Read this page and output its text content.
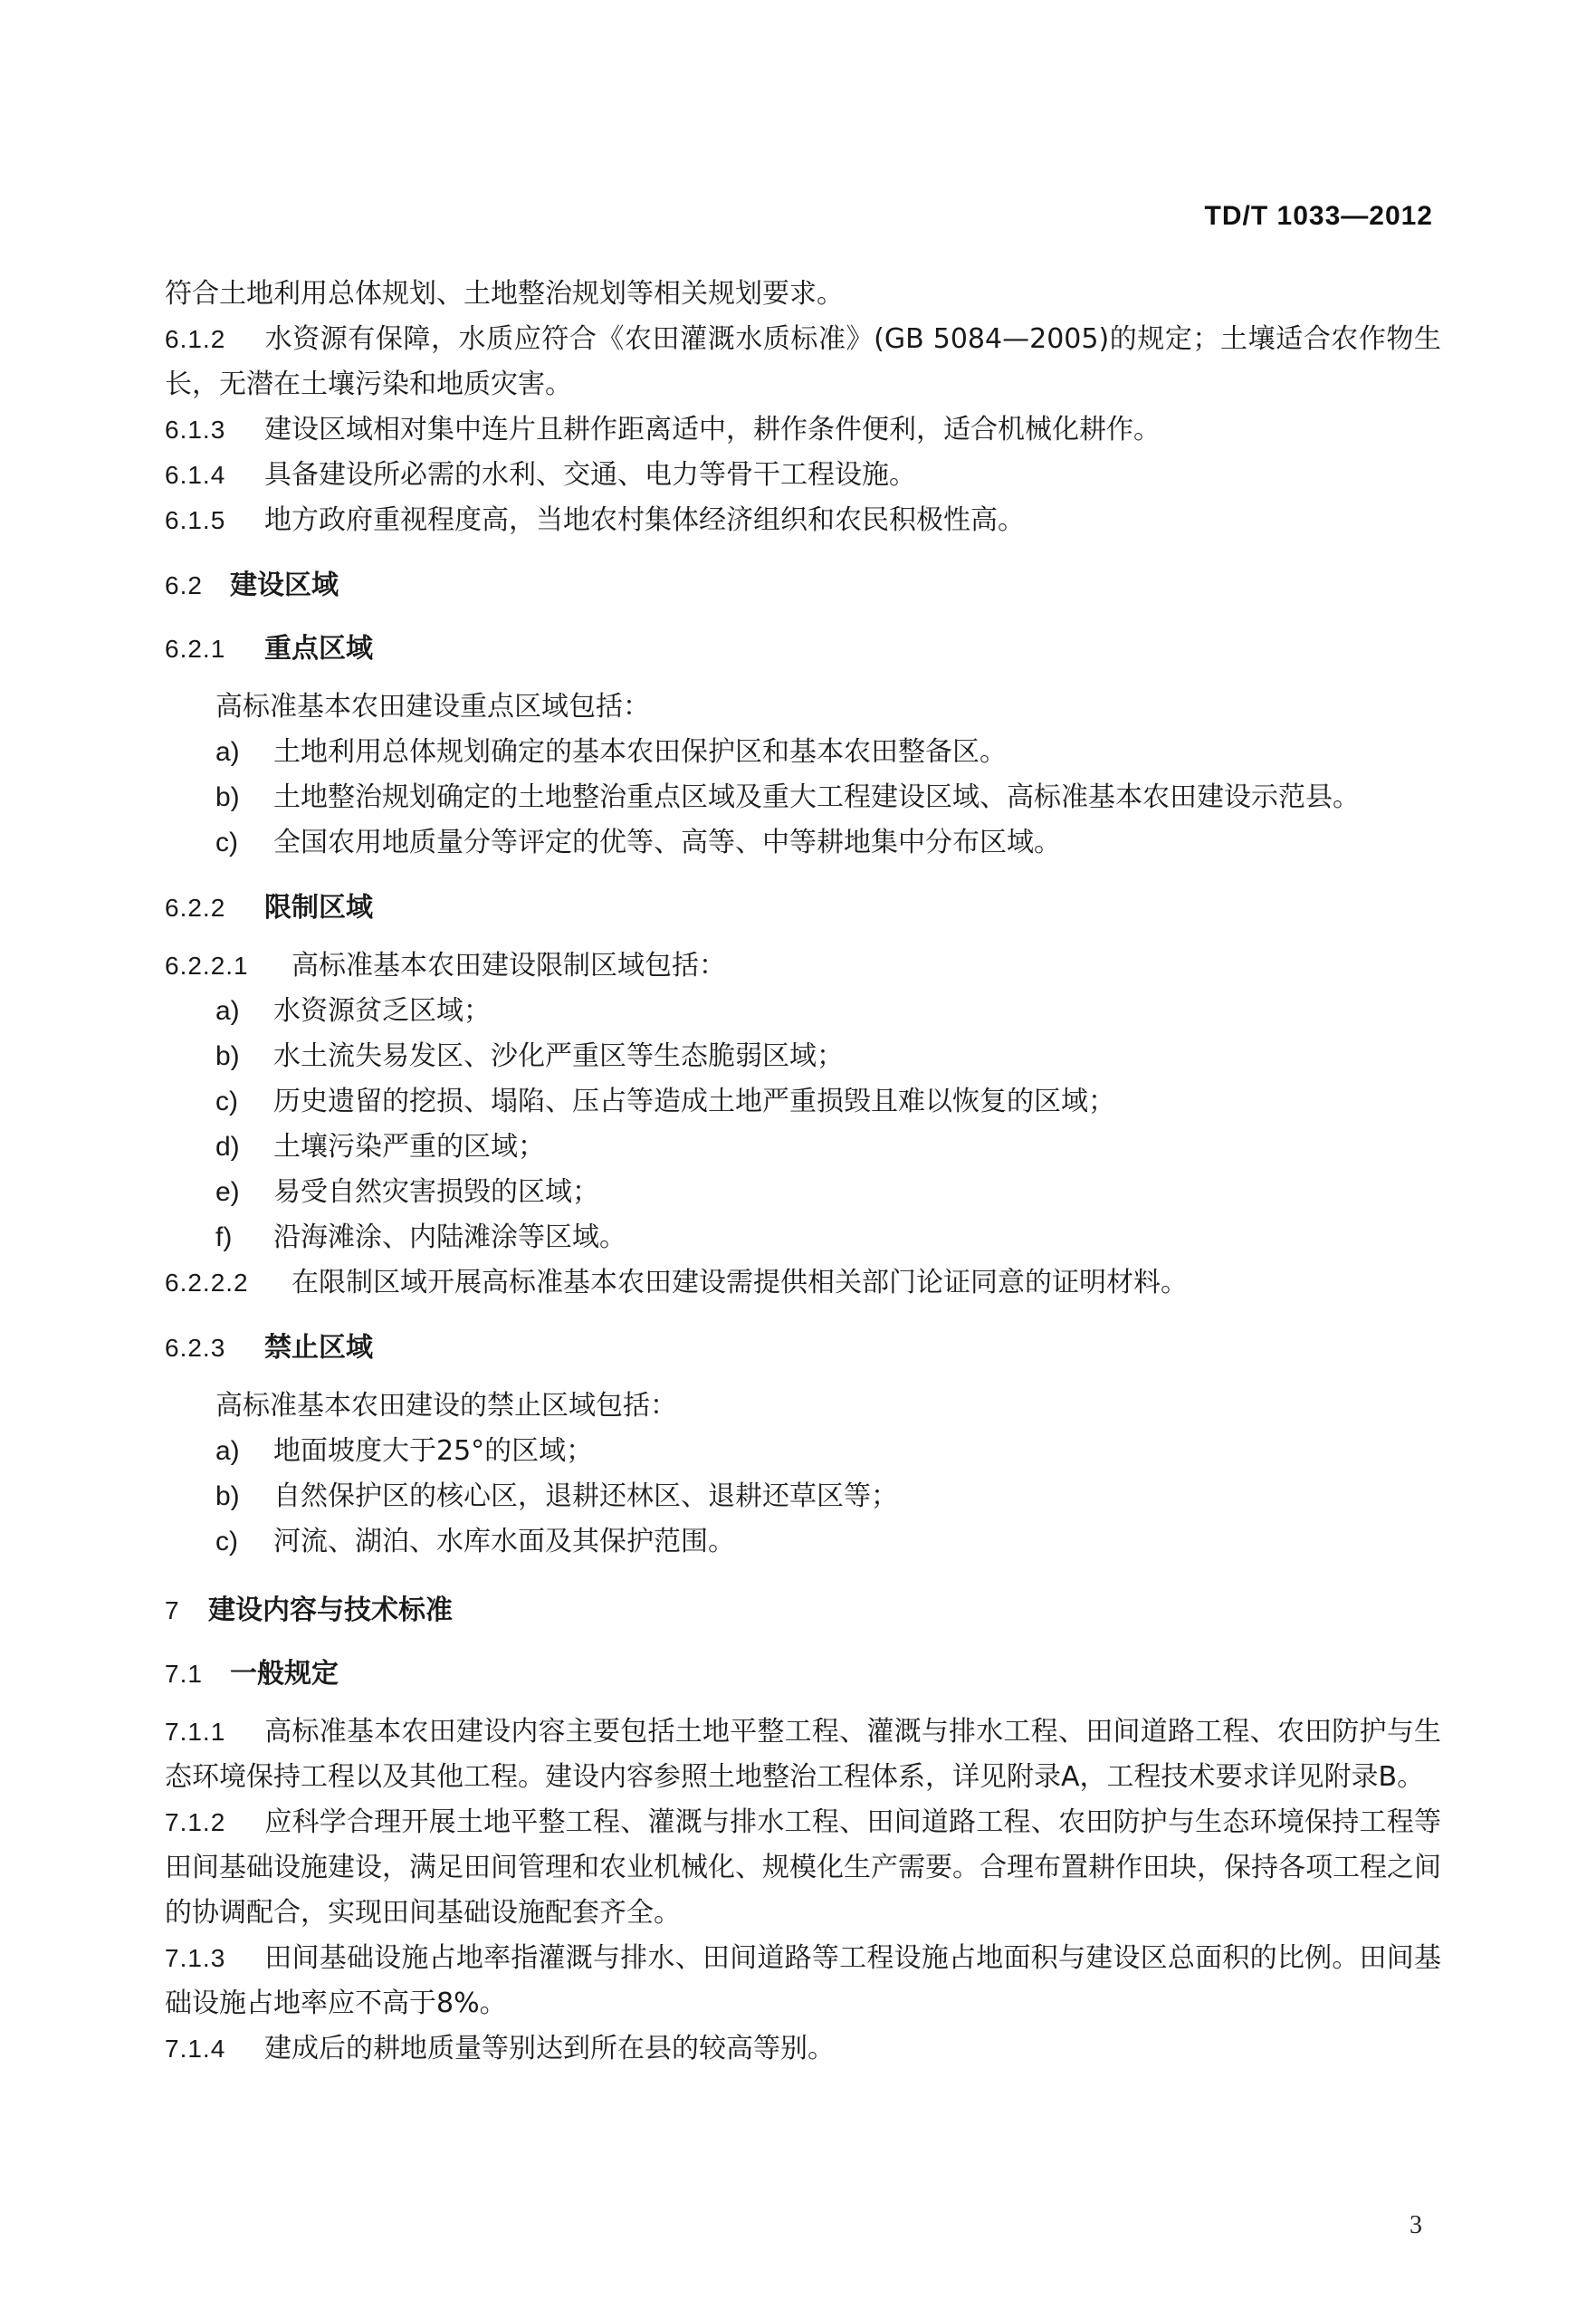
TD/T 1033—2012
符合土地利用总体规划、土地整治规划等相关规划要求。
6.1.2 水资源有保障，水质应符合《农田灌溉水质标准》(GB 5084—2005)的规定；土壤适合农作物生长，无潜在土壤污染和地质灾害。
6.1.3 建设区域相对集中连片且耕作距离适中，耕作条件便利，适合机械化耕作。
6.1.4 具备建设所必需的水利、交通、电力等骨干工程设施。
6.1.5 地方政府重视程度高，当地农村集体经济组织和农民积极性高。
6.2 建设区域
6.2.1 重点区域
高标准基本农田建设重点区域包括：
a) 土地利用总体规划确定的基本农田保护区和基本农田整备区。
b) 土地整治规划确定的土地整治重点区域及重大工程建设区域、高标准基本农田建设示范县。
c) 全国农用地质量分等评定的优等、高等、中等耕地集中分布区域。
6.2.2 限制区域
6.2.2.1 高标准基本农田建设限制区域包括：
a) 水资源贫乏区域；
b) 水土流失易发区、沙化严重区等生态脆弱区域；
c) 历史遗留的挖损、塌陷、压占等造成土地严重损毁且难以恢复的区域；
d) 土壤污染严重的区域；
e) 易受自然灾害损毁的区域；
f) 沿海滩涂、内陆滩涂等区域。
6.2.2.2 在限制区域开展高标准基本农田建设需提供相关部门论证同意的证明材料。
6.2.3 禁止区域
高标准基本农田建设的禁止区域包括：
a) 地面坡度大于25°的区域；
b) 自然保护区的核心区，退耕还林区、退耕还草区等；
c) 河流、湖泊、水库水面及其保护范围。
7 建设内容与技术标准
7.1 一般规定
7.1.1 高标准基本农田建设内容主要包括土地平整工程、灌溉与排水工程、田间道路工程、农田防护与生态环境保持工程以及其他工程。建设内容参照土地整治工程体系，详见附录A，工程技术要求详见附录B。
7.1.2 应科学合理开展土地平整工程、灌溉与排水工程、田间道路工程、农田防护与生态环境保持工程等田间基础设施建设，满足田间管理和农业机械化、规模化生产需要。合理布置耕作田块，保持各项工程之间的协调配合，实现田间基础设施配套齐全。
7.1.3 田间基础设施占地率指灌溉与排水、田间道路等工程设施占地面积与建设区总面积的比例。田间基础设施占地率应不高于8%。
7.1.4 建成后的耕地质量等别达到所在县的较高等别。
3
